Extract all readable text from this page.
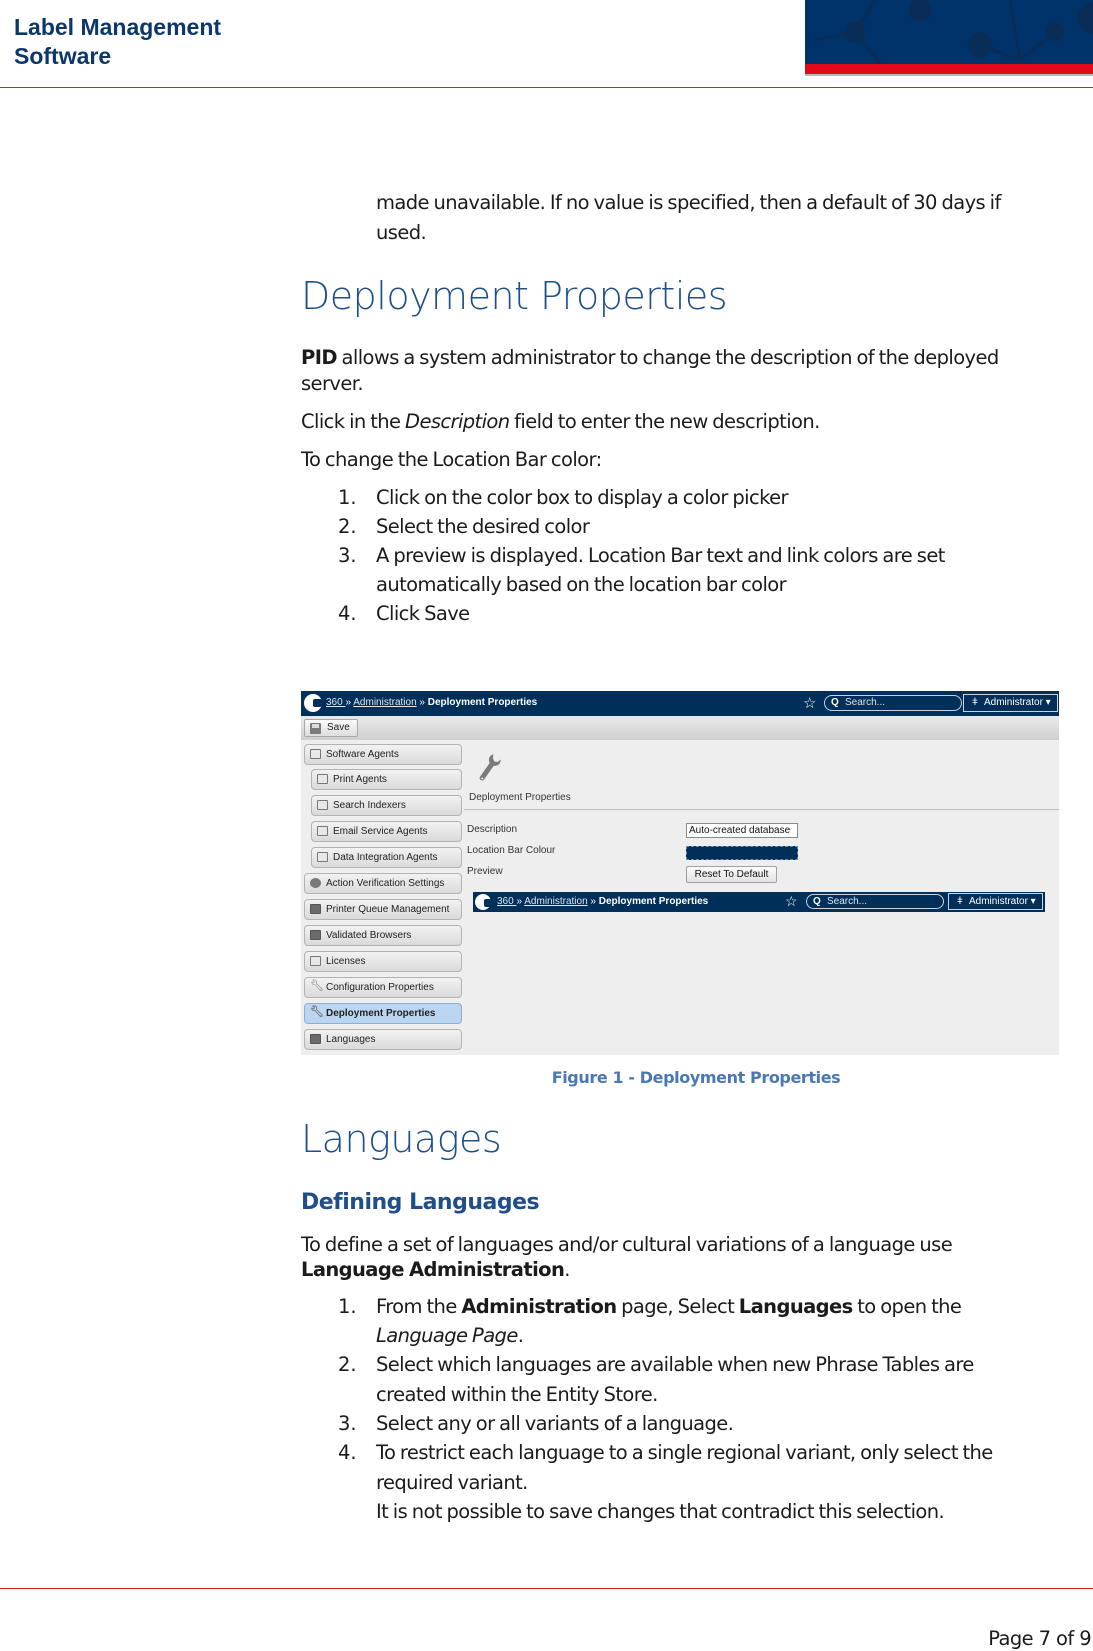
Label Management
Software
made unavailable. If no value is specified, then a default of 30 days if
used.
Deployment Properties
PID allows a system administrator to change the description of the deployed
server.
Click in the Description field to enter the new description.
To change the Location Bar color:
1. Click on the color box to display a color picker
2. Select the desired color
3. A preview is displayed. Location Bar text and link colors are set
automatically based on the location bar color
4. Click Save
360 » Administration » Deployment Properties	☆ Q Search...	ǂ Administrator ▾
Save
Software Agents
Print Agents
Search Indexers
Email Service Agents
Data Integration Agents
Action Verification Settings
Printer Queue Management
Validated Browsers
Licenses
🔧︎ Configuration Properties
🔧︎ Deployment Properties
Languages
Deployment Properties
Description	Auto-created database
Location Bar Colour
Preview	Reset To Default
360 » Administration » Deployment Properties	☆ Q Search...	ǂ Administrator ▾
Figure 1 - Deployment Properties
Languages
Defining Languages
To define a set of languages and/or cultural variations of a language use
Language Administration.
1. From the Administration page, Select Languages to open the
Language Page.
2. Select which languages are available when new Phrase Tables are
created within the Entity Store.
3. Select any or all variants of a language.
4. To restrict each language to a single regional variant, only select the
required variant.
It is not possible to save changes that contradict this selection.
Page 7 of 9
